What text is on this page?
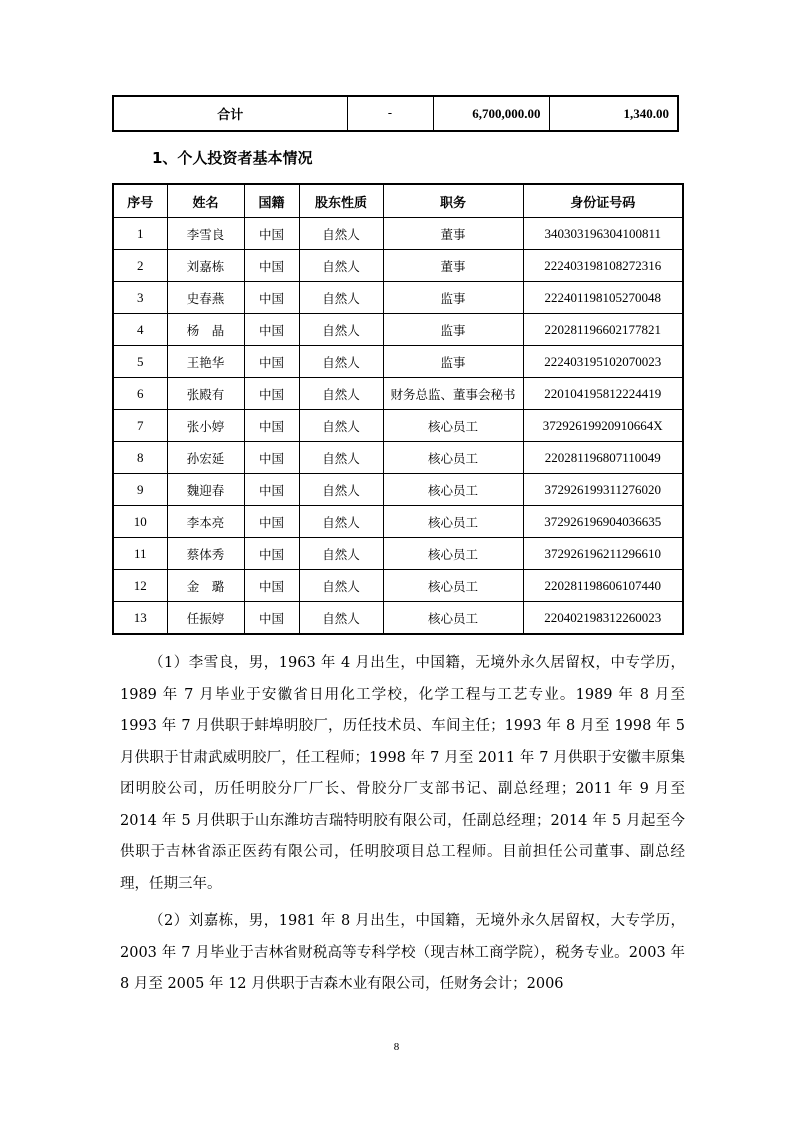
合计	-	6,700,000.00	1,340.00
1、个人投资者基本情况
序号	姓名	国籍	股东性质	职务	身份证号码
1	李雪良	中国	自然人	董事	340303196304100811
2	刘嘉栋	中国	自然人	董事	222403198108272316
3	史春燕	中国	自然人	监事	222401198105270048
4	杨　晶	中国	自然人	监事	220281196602177821
5	王艳华	中国	自然人	监事	222403195102070023
6	张殿有	中国	自然人	财务总监、董事会秘书	220104195812224419
7	张小婷	中国	自然人	核心员工	37292619920910664X
8	孙宏延	中国	自然人	核心员工	220281196807110049
9	魏迎春	中国	自然人	核心员工	372926199311276020
10	李本亮	中国	自然人	核心员工	372926196904036635
11	蔡体秀	中国	自然人	核心员工	372926196211296610
12	金　璐	中国	自然人	核心员工	220281198606107440
13	任振婷	中国	自然人	核心员工	220402198312260023

（1）李雪良，男，1963 年 4 月出生，中国籍，无境外永久居留权，中专学历，1989 年 7 月毕业于安徽省日用化工学校，化学工程与工艺专业。1989 年 8 月至 1993 年 7 月供职于蚌埠明胶厂，历任技术员、车间主任；1993 年 8 月至 1998 年 5 月供职于甘肃武威明胶厂，任工程师；1998 年 7 月至 2011 年 7 月供职于安徽丰原集团明胶公司，历任明胶分厂厂长、骨胶分厂支部书记、副总经理；2011 年 9 月至 2014 年 5 月供职于山东潍坊吉瑞特明胶有限公司，任副总经理；2014 年 5 月起至今供职于吉林省添正医药有限公司，任明胶项目总工程师。目前担任公司董事、副总经理，任期三年。

（2）刘嘉栋，男，1981 年 8 月出生，中国籍，无境外永久居留权，大专学历，2003 年 7 月毕业于吉林省财税高等专科学校（现吉林工商学院），税务专业。2003 年 8 月至 2005 年 12 月供职于吉森木业有限公司，任财务会计；2006

8
